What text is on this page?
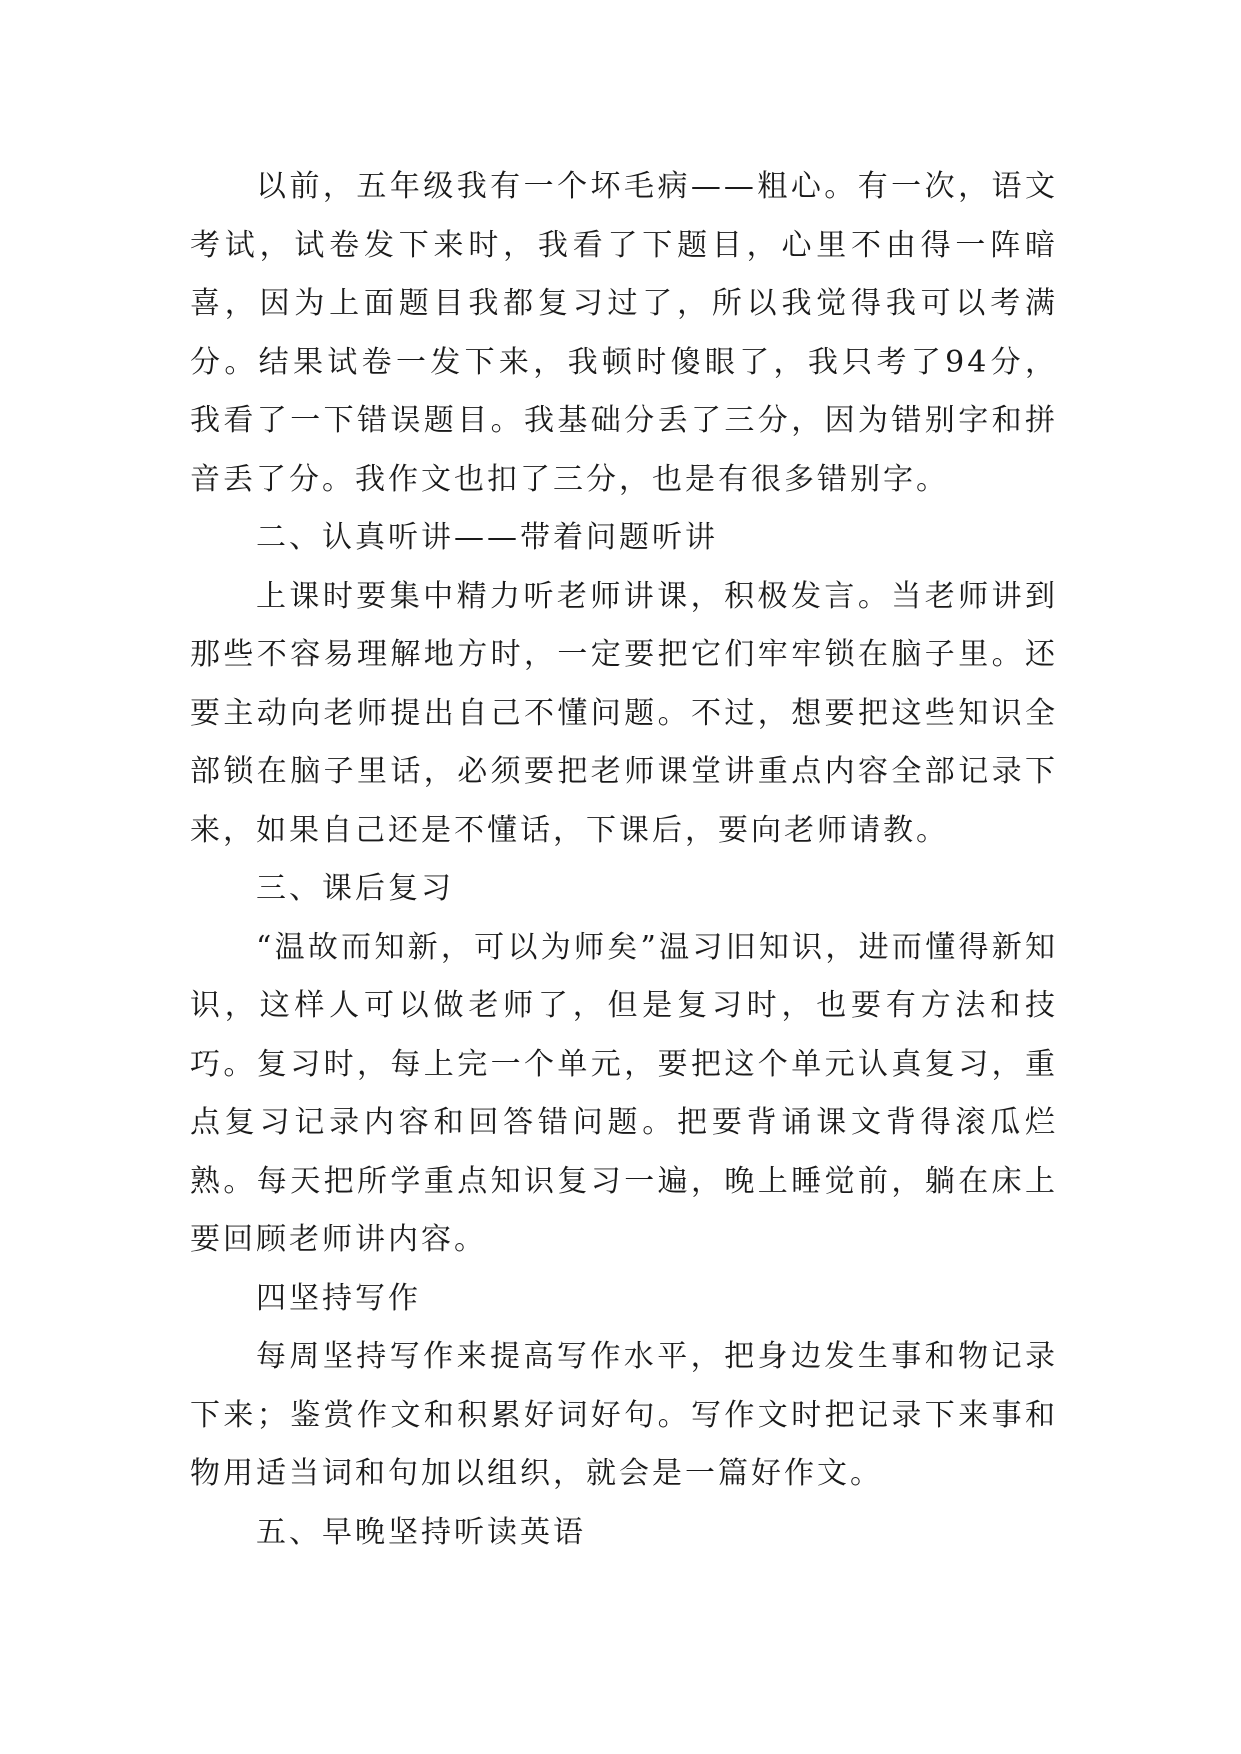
以前，五年级我有一个坏毛病——粗心。有一次，语文考试，试卷发下来时，我看了下题目，心里不由得一阵暗喜，因为上面题目我都复习过了，所以我觉得我可以考满分。结果试卷一发下来，我顿时傻眼了，我只考了94分，我看了一下错误题目。我基础分丢了三分，因为错别字和拼音丢了分。我作文也扣了三分，也是有很多错别字。

二、认真听讲——带着问题听讲

上课时要集中精力听老师讲课，积极发言。当老师讲到那些不容易理解地方时，一定要把它们牢牢锁在脑子里。还要主动向老师提出自己不懂问题。不过，想要把这些知识全部锁在脑子里话，必须要把老师课堂讲重点内容全部记录下来，如果自己还是不懂话，下课后，要向老师请教。

三、课后复习

“温故而知新，可以为师矣”温习旧知识，进而懂得新知识，这样人可以做老师了，但是复习时，也要有方法和技巧。复习时，每上完一个单元，要把这个单元认真复习，重点复习记录内容和回答错问题。把要背诵课文背得滚瓜烂熟。每天把所学重点知识复习一遍，晚上睡觉前，躺在床上要回顾老师讲内容。

四坚持写作

每周坚持写作来提高写作水平，把身边发生事和物记录下来；鉴赏作文和积累好词好句。写作文时把记录下来事和物用适当词和句加以组织，就会是一篇好作文。

五、早晚坚持听读英语
